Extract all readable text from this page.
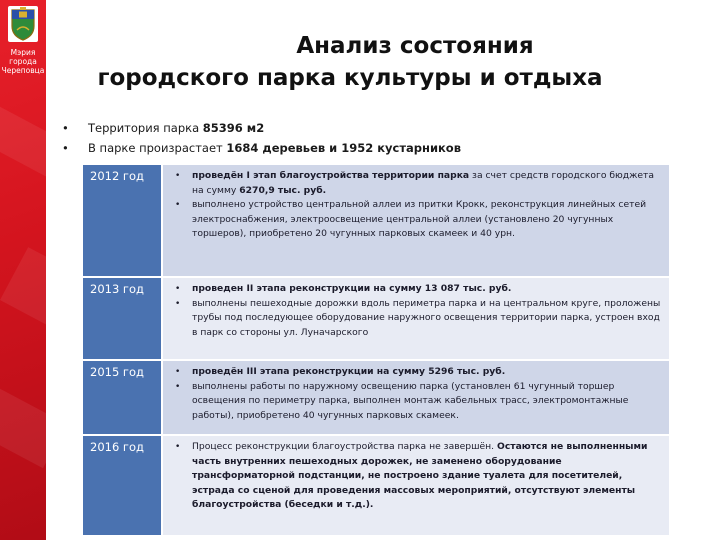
Мэрия
города
Череповца
Анализ состояния
городского парка культуры и отдыха
• Территория парка 85396 м2
• В парке произрастает 1684 деревьев и 1952 кустарников
2012 год	• проведён I этап благоустройства территории парка за счет средств городского бюджета на сумму 6270,9 тыс. руб.
• выполнено устройство центральной аллеи из притки Крокк, реконструкция линейных сетей электроснабжения, электроосвещение центральной аллеи (установлено 20 чугунных торшеров), приобретено 20 чугунных парковых скамеек и 40 урн.
2013 год	• проведен II этапа реконструкции на сумму 13 087 тыс. руб.
• выполнены пешеходные дорожки вдоль периметра парка и на центральном круге, проложены трубы под последующее оборудование наружного освещения территории парка, устроен вход в парк со стороны ул. Луначарского
2015 год	• проведён III этапа реконструкции на сумму 5296 тыс. руб.
• выполнены работы по наружному освещению парка (установлен 61 чугунный торшер освещения по периметру парка, выполнен монтаж кабельных трасс, электромонтажные работы), приобретено 40 чугунных парковых скамеек.
2016 год	• Процесс реконструкции благоустройства парка не завершён. Остаются не выполненными часть внутренних пешеходных дорожек, не заменено оборудование трансформаторной подстанции, не построено здание туалета для посетителей, эстрада со сценой для проведения массовых мероприятий, отсутствуют элементы благоустройства (беседки и т.д.).
